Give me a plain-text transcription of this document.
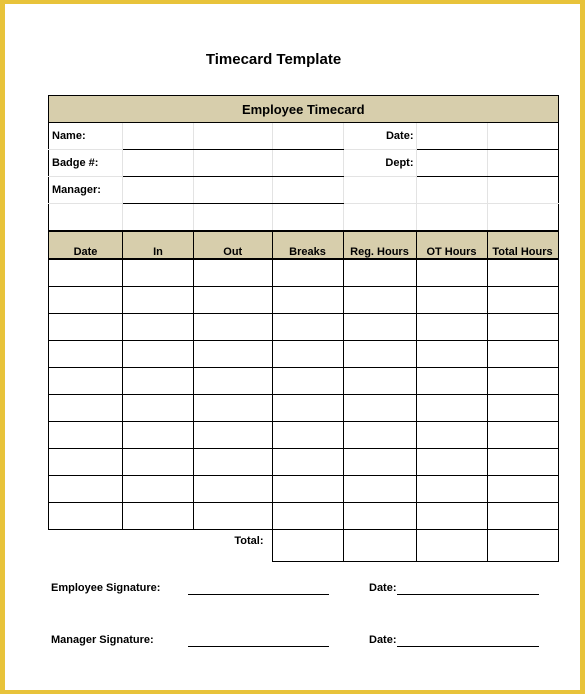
Timecard Template
Employee Timecard						
Name:				Date:		
Badge #:				Dept:		
Manager:						

Date	In	Out	Breaks	Reg. Hours	OT Hours	Total Hours

		Total:				
Employee Signature:	Date:
Manager Signature:	Date:
